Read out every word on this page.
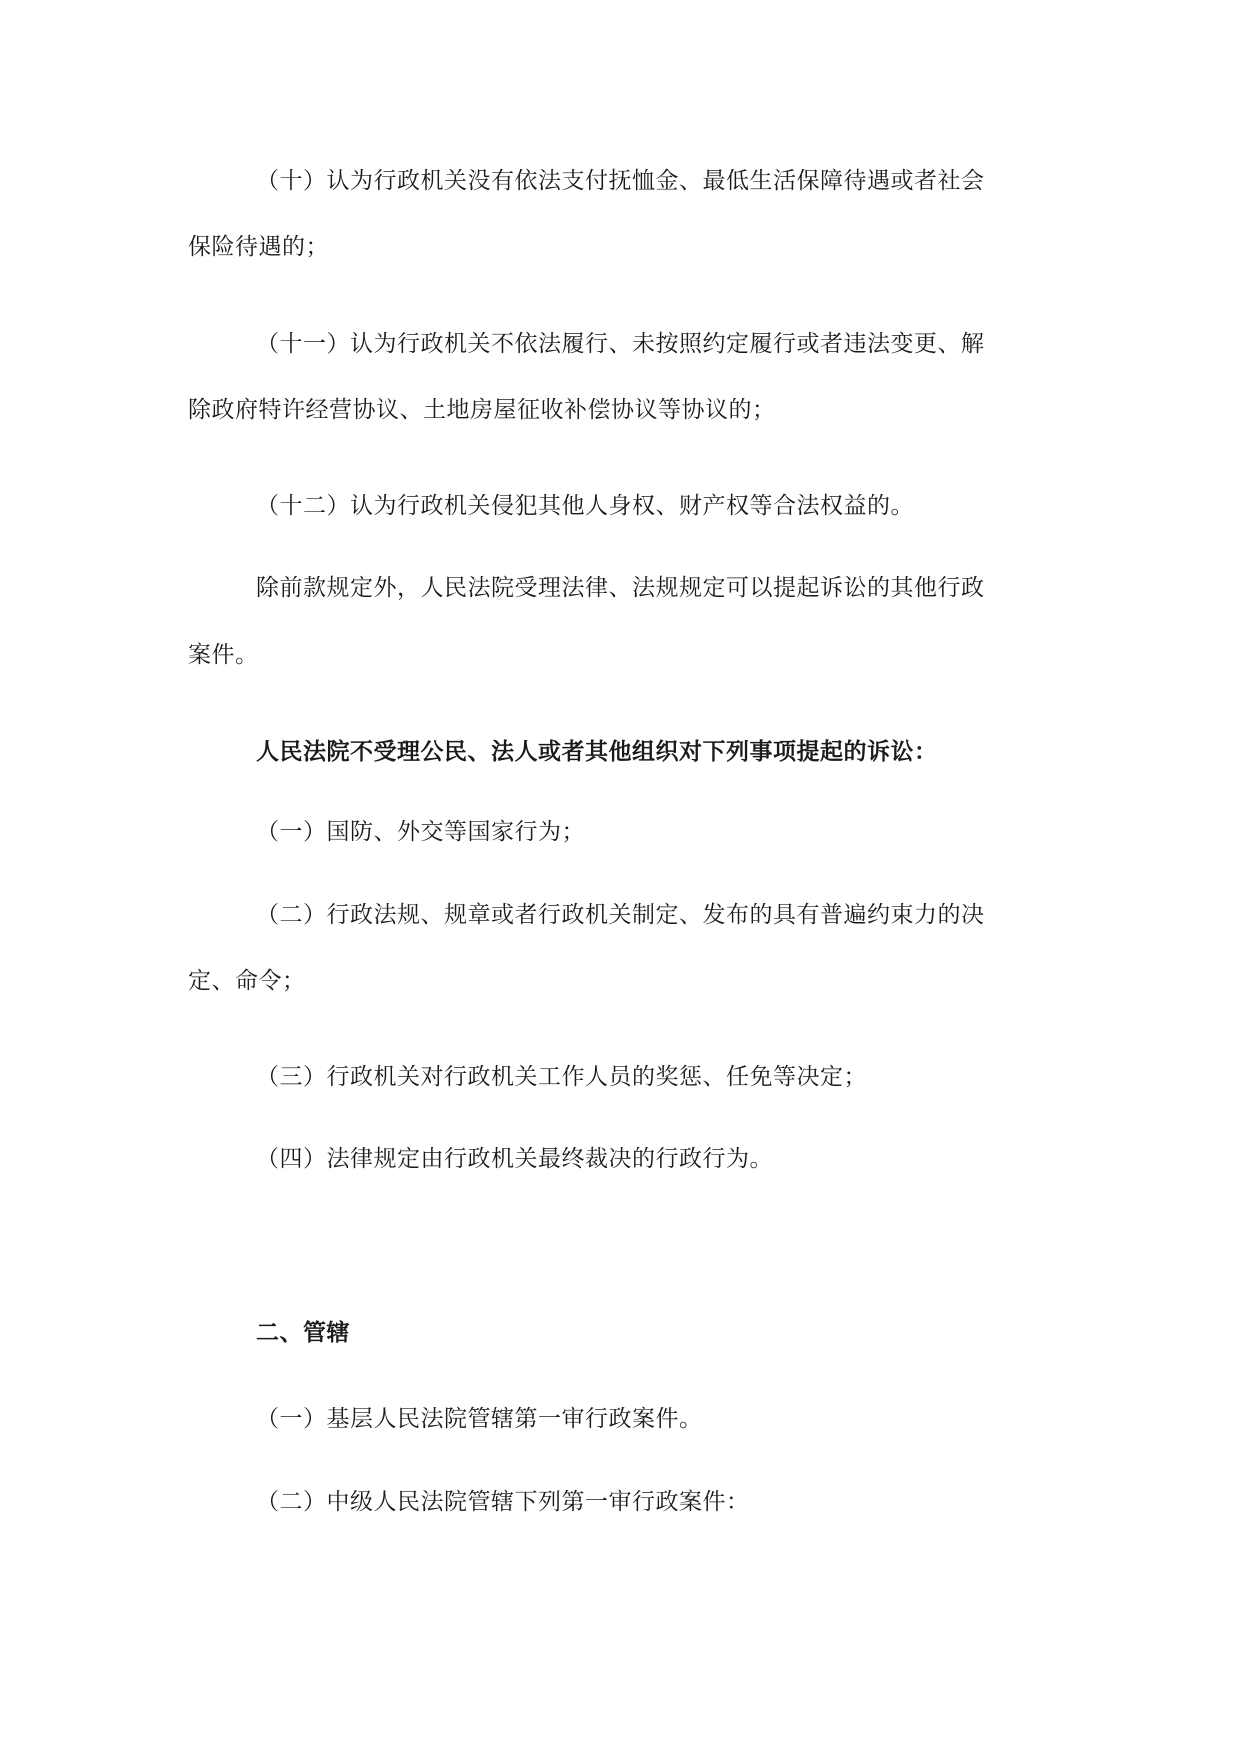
（十）认为行政机关没有依法支付抚恤金、最低生活保障待遇或者社会
保险待遇的；
（十一）认为行政机关不依法履行、未按照约定履行或者违法变更、解
除政府特许经营协议、土地房屋征收补偿协议等协议的；
（十二）认为行政机关侵犯其他人身权、财产权等合法权益的。
除前款规定外，人民法院受理法律、法规规定可以提起诉讼的其他行政
案件。
人民法院不受理公民、法人或者其他组织对下列事项提起的诉讼：
（一）国防、外交等国家行为；
（二）行政法规、规章或者行政机关制定、发布的具有普遍约束力的决
定、命令；
（三）行政机关对行政机关工作人员的奖惩、任免等决定；
（四）法律规定由行政机关最终裁决的行政行为。
二、管辖
（一）基层人民法院管辖第一审行政案件。
（二）中级人民法院管辖下列第一审行政案件：
